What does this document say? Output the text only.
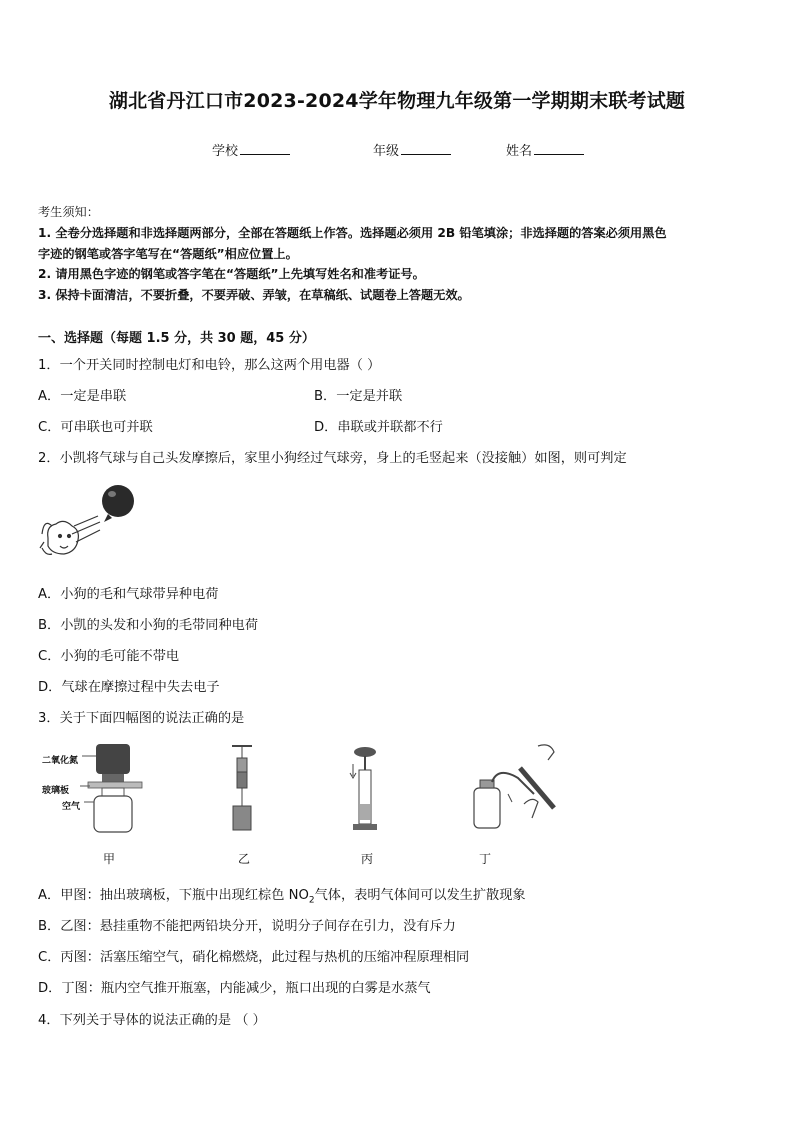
湖北省丹江口市2023-2024学年物理九年级第一学期期末联考试题
学校	年级	姓名
考生须知：
1. 全卷分选择题和非选择题两部分，全部在答题纸上作答。选择题必须用 2B 铅笔填涂；非选择题的答案必须用黑色
字迹的钢笔或答字笔写在“答题纸”相应位置上。
2. 请用黑色字迹的钢笔或答字笔在“答题纸”上先填写姓名和准考证号。
3. 保持卡面清洁，不要折叠，不要弄破、弄皱，在草稿纸、试题卷上答题无效。
一、选择题（每题 1.5 分，共 30 题，45 分）
1．一个开关同时控制电灯和电铃，那么这两个用电器（ ）
A．一定是串联	B．一定是并联
C．可串联也可并联	D．串联或并联都不行
2．小凯将气球与自己头发摩擦后，家里小狗经过气球旁，身上的毛竖起来（没接触）如图，则可判定
A．小狗的毛和气球带异种电荷
B．小凯的头发和小狗的毛带同种电荷
C．小狗的毛可能不带电
D．气球在摩擦过程中失去电子
3．关于下面四幅图的说法正确的是
二氧化氮
玻璃板
空气
甲	乙	丙	丁
A．甲图：抽出玻璃板，下瓶中出现红棕色 $NO_2$气体，表明气体间可以发生扩散现象
B．乙图：悬挂重物不能把两铅块分开，说明分子间存在引力，没有斥力
C．丙图：活塞压缩空气，硝化棉燃烧，此过程与热机的压缩冲程原理相同
D．丁图：瓶内空气推开瓶塞，内能减少，瓶口出现的白雾是水蒸气
4．下列关于导体的说法正确的是 （ ）
